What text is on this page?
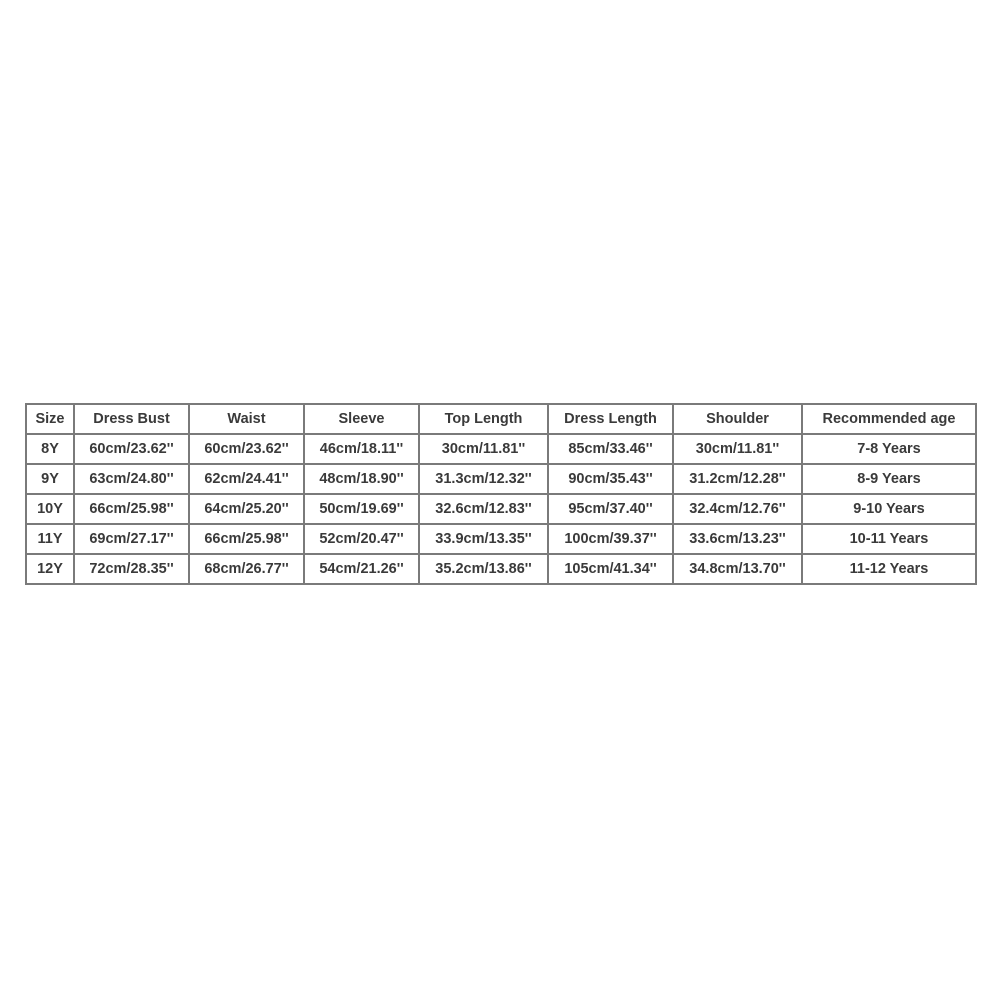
Size	Dress Bust	Waist	Sleeve	Top Length	Dress Length	Shoulder	Recommended age
8Y	60cm/23.62''	60cm/23.62''	46cm/18.11''	30cm/11.81''	85cm/33.46''	30cm/11.81''	7-8 Years
9Y	63cm/24.80''	62cm/24.41''	48cm/18.90''	31.3cm/12.32''	90cm/35.43''	31.2cm/12.28''	8-9 Years
10Y	66cm/25.98''	64cm/25.20''	50cm/19.69''	32.6cm/12.83''	95cm/37.40''	32.4cm/12.76''	9-10 Years
11Y	69cm/27.17''	66cm/25.98''	52cm/20.47''	33.9cm/13.35''	100cm/39.37''	33.6cm/13.23''	10-11 Years
12Y	72cm/28.35''	68cm/26.77''	54cm/21.26''	35.2cm/13.86''	105cm/41.34''	34.8cm/13.70''	11-12 Years
